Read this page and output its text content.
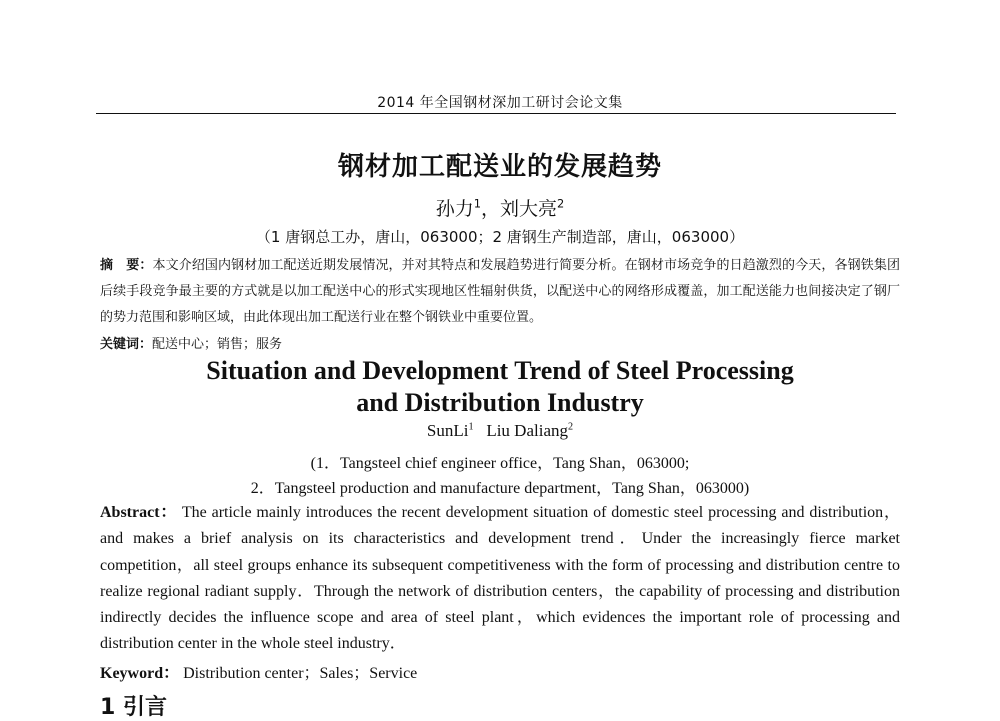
2014 年全国钢材深加工研讨会论文集
钢材加工配送业的发展趋势
孙力$^1$，刘大亮$^2$
（1 唐钢总工办，唐山，063000；2 唐钢生产制造部，唐山，063000）
摘　要：本文介绍国内钢材加工配送近期发展情况，并对其特点和发展趋势进行简要分析。在钢材市场竞争的日趋激烈的今天，各钢铁集团后续手段竞争最主要的方式就是以加工配送中心的形式实现地区性辐射供货，以配送中心的网络形成覆盖，加工配送能力也间接决定了钢厂的势力范围和影响区域，由此体现出加工配送行业在整个钢铁业中重要位置。
关键词：配送中心；销售；服务
Situation and Development Trend of Steel Processing
and Distribution Industry
SunLi$^1$ Liu Daliang$^2$
(1．Tangsteel chief engineer office，Tang Shan，063000;
2．Tangsteel production and manufacture department，Tang Shan，063000)
Abstract： The article mainly introduces the recent development situation of domestic steel processing and distribution，and makes a brief analysis on its characteristics and development trend．Under the increasingly fierce market competition，all steel groups enhance its subsequent competitiveness with the form of processing and distribution centre to realize regional radiant supply．Through the network of distribution centers，the capability of processing and distribution indirectly decides the influence scope and area of steel plant，which evidences the important role of processing and distribution center in the whole steel industry．
Keyword： Distribution center；Sales；Service
1 引言
